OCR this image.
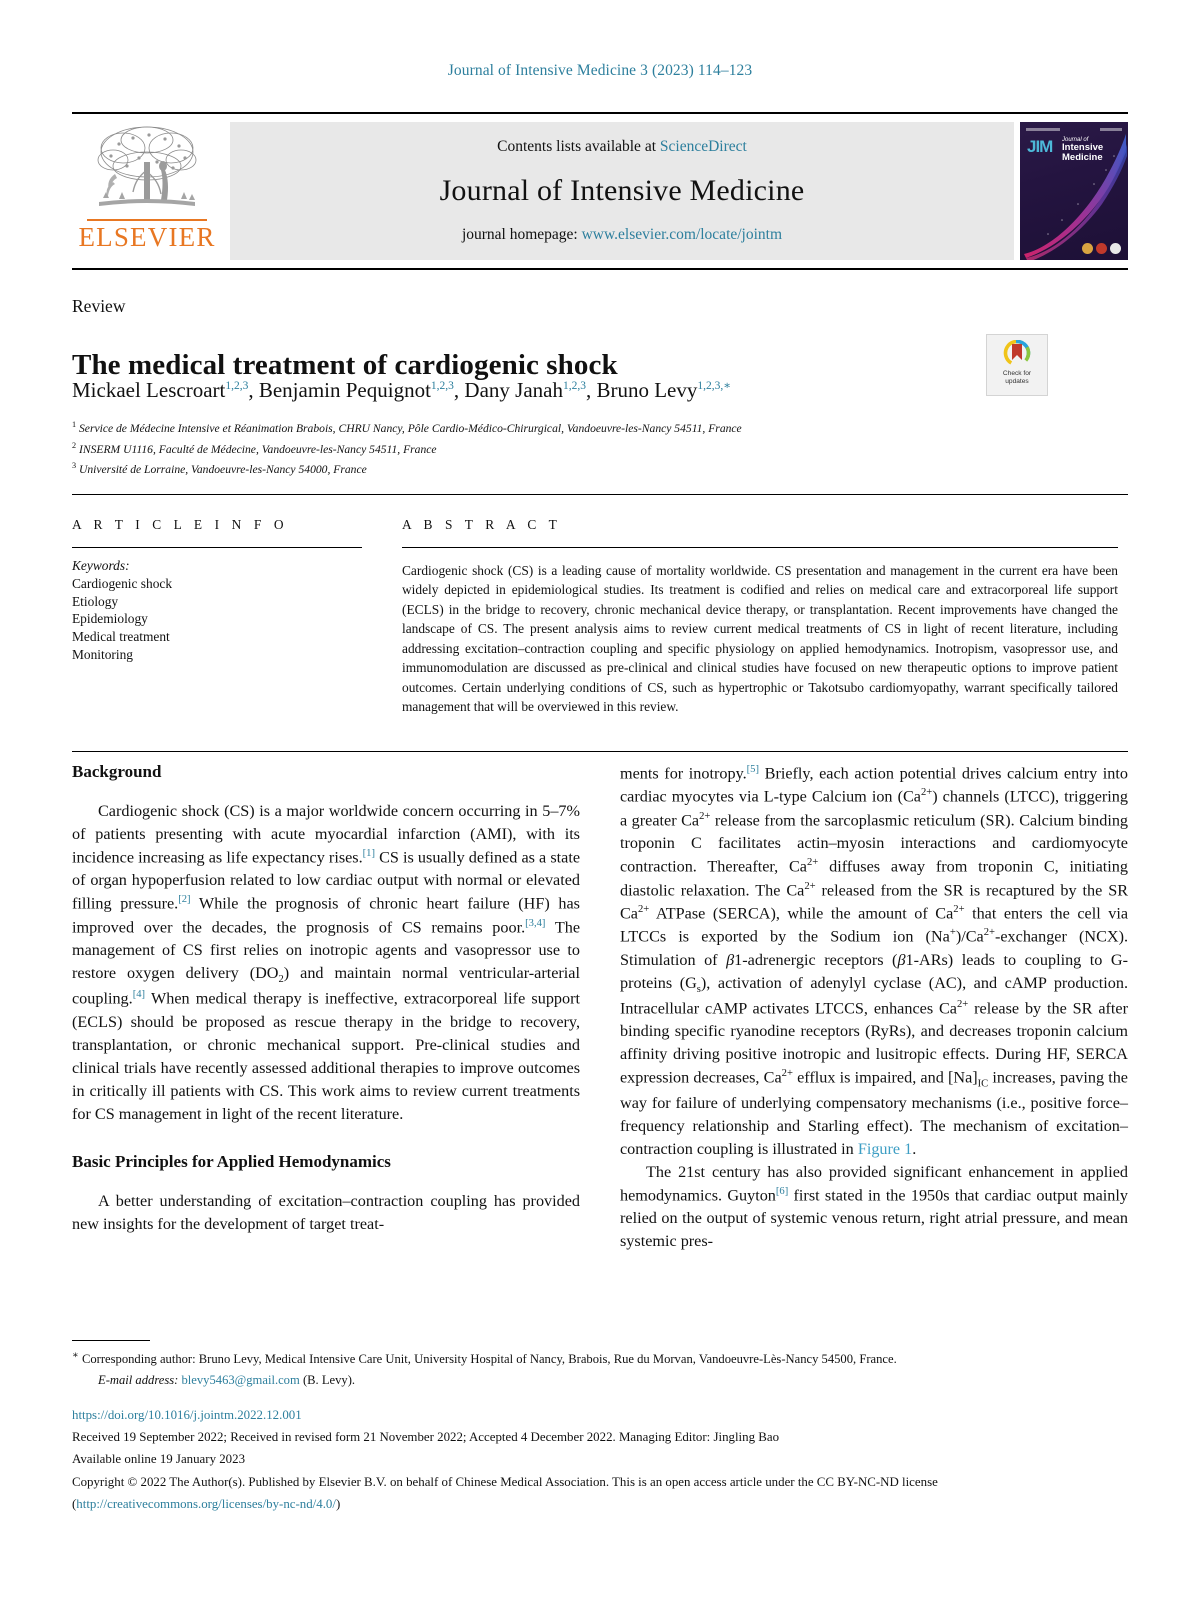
Journal of Intensive Medicine 3 (2023) 114–123
ELSEVIER
Contents lists available at ScienceDirect
Journal of Intensive Medicine
journal homepage: www.elsevier.com/locate/jointm
JIM Journal of
Intensive Medicine
Review
The medical treatment of cardiogenic shock
Mickael Lescroart$^{1,2,3}$, Benjamin Pequignot$^{1,2,3}$, Dany Janah$^{1,2,3}$, Bruno Levy$^{1,2,3,∗}$
$^1$ Service de Médecine Intensive et Réanimation Brabois, CHRU Nancy, Pôle Cardio-Médico-Chirurgical, Vandoeuvre-les-Nancy 54511, France
$^2$ INSERM U1116, Faculté de Médecine, Vandoeuvre-les-Nancy 54511, France
$^3$ Université de Lorraine, Vandoeuvre-les-Nancy 54000, France
Check for
updates
A R T I C L E I N F O
Keywords:
Cardiogenic shock
Etiology
Epidemiology
Medical treatment
Monitoring
A B S T R A C T
Cardiogenic shock (CS) is a leading cause of mortality worldwide. CS presentation and management in the current era have been widely depicted in epidemiological studies. Its treatment is codified and relies on medical care and extracorporeal life support (ECLS) in the bridge to recovery, chronic mechanical device therapy, or transplantation. Recent improvements have changed the landscape of CS. The present analysis aims to review current medical treatments of CS in light of recent literature, including addressing excitation–contraction coupling and specific physiology on applied hemodynamics. Inotropism, vasopressor use, and immunomodulation are discussed as pre-clinical and clinical studies have focused on new therapeutic options to improve patient outcomes. Certain underlying conditions of CS, such as hypertrophic or Takotsubo cardiomyopathy, warrant specifically tailored management that will be overviewed in this review.
Background

Cardiogenic shock (CS) is a major worldwide concern occurring in 5–7% of patients presenting with acute myocardial infarction (AMI), with its incidence increasing as life expectancy rises.[1] CS is usually defined as a state of organ hypoperfusion related to low cardiac output with normal or elevated filling pressure.[2] While the prognosis of chronic heart failure (HF) has improved over the decades, the prognosis of CS remains poor.[3,4] The management of CS first relies on inotropic agents and vasopressor use to restore oxygen delivery $(DO_2)$ and maintain normal ventricular-arterial coupling.[4] When medical therapy is ineffective, extracorporeal life support (ECLS) should be proposed as rescue therapy in the bridge to recovery, transplantation, or chronic mechanical support. Pre-clinical studies and clinical trials have recently assessed additional therapies to improve outcomes in critically ill patients with CS. This work aims to review current treatments for CS management in light of the recent literature.

Basic Principles for Applied Hemodynamics

A better understanding of excitation–contraction coupling has provided new insights for the development of target treat-

ments for inotropy.[5] Briefly, each action potential drives calcium entry into cardiac myocytes via L-type Calcium ion $(Ca^{2+})$ channels (LTCC), triggering a greater $Ca^{2+}$ release from the sarcoplasmic reticulum (SR). Calcium binding troponin C facilitates actin–myosin interactions and cardiomyocyte contraction. Thereafter, $Ca^{2+}$ diffuses away from troponin C, initiating diastolic relaxation. The $Ca^{2+}$ released from the SR is recaptured by the SR $Ca^{2+}$ ATPase (SERCA), while the amount of $Ca^{2+}$ that enters the cell via LTCCs is exported by the Sodium ion $(Na^+)/Ca^{2+}$-exchanger (NCX). Stimulation of β1-adrenergic receptors (β1-ARs) leads to coupling to G-proteins $(G_s)$, activation of adenylyl cyclase (AC), and cAMP production. Intracellular cAMP activates LTCCS, enhances $Ca^{2+}$ release by the SR after binding specific ryanodine receptors (RyRs), and decreases troponin calcium affinity driving positive inotropic and lusitropic effects. During HF, SERCA expression decreases, $Ca^{2+}$ efflux is impaired, and $[Na]_{IC}$ increases, paving the way for failure of underlying compensatory mechanisms (i.e., positive force–frequency relationship and Starling effect). The mechanism of excitation–contraction coupling is illustrated in Figure 1.

The 21st century has also provided significant enhancement in applied hemodynamics. Guyton[6] first stated in the 1950s that cardiac output mainly relied on the output of systemic venous return, right atrial pressure, and mean systemic pres-

∗ Corresponding author: Bruno Levy, Medical Intensive Care Unit, University Hospital of Nancy, Brabois, Rue du Morvan, Vandoeuvre-Lès-Nancy 54500, France.
E-mail address: blevy5463@gmail.com (B. Levy).
https://doi.org/10.1016/j.jointm.2022.12.001
Received 19 September 2022; Received in revised form 21 November 2022; Accepted 4 December 2022. Managing Editor: Jingling Bao
Available online 19 January 2023
Copyright © 2022 The Author(s). Published by Elsevier B.V. on behalf of Chinese Medical Association. This is an open access article under the CC BY-NC-ND license (http://creativecommons.org/licenses/by-nc-nd/4.0/)
